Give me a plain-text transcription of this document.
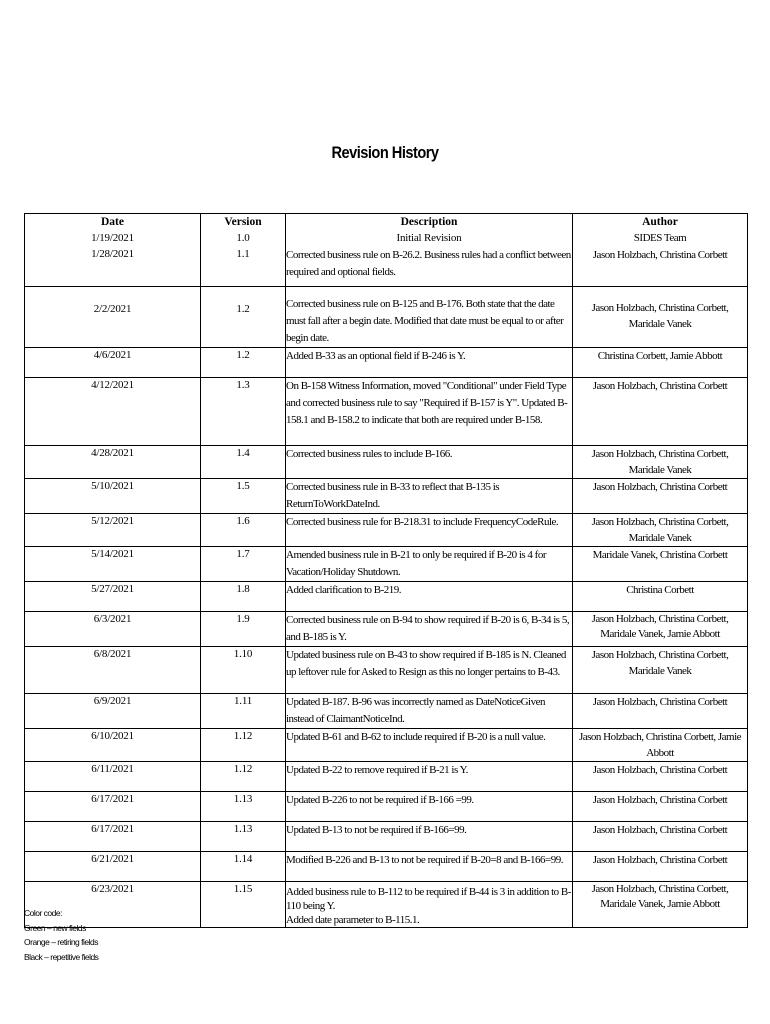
Revision History
Date	Version	Description	Author
1/19/2021	1.0	Initial Revision	SIDES Team
1/28/2021	1.1	Corrected business rule on B-26.2. Business rules had a conflict between required and optional fields.	Jason Holzbach, Christina Corbett
2/2/2021	1.2	Corrected business rule on B-125 and B-176. Both state that the date must fall after a begin date. Modified that date must be equal to or after begin date.	Jason Holzbach, Christina Corbett, Maridale Vanek
4/6/2021	1.2	Added B-33 as an optional field if B-246 is Y.	Christina Corbett, Jamie Abbott
4/12/2021	1.3	On B-158 Witness Information, moved "Conditional" under Field Type and corrected business rule to say "Required if B-157 is Y". Updated B-158.1 and B-158.2 to indicate that both are required under B-158.	Jason Holzbach, Christina Corbett
4/28/2021	1.4	Corrected business rules to include B-166.	Jason Holzbach, Christina Corbett, Maridale Vanek
5/10/2021	1.5	Corrected business rule in B-33 to reflect that B-135 is ReturnToWorkDateInd.	Jason Holzbach, Christina Corbett
5/12/2021	1.6	Corrected business rule for B-218.31 to include FrequencyCodeRule.	Jason Holzbach, Christina Corbett, Maridale Vanek
5/14/2021	1.7	Amended business rule in B-21 to only be required if B-20 is 4 for Vacation/Holiday Shutdown.	Maridale Vanek, Christina Corbett
5/27/2021	1.8	Added clarification to B-219.	Christina Corbett
6/3/2021	1.9	Corrected business rule on B-94 to show required if B-20 is 6, B-34 is 5, and B-185 is Y.	Jason Holzbach, Christina Corbett, Maridale Vanek, Jamie Abbott
6/8/2021	1.10	Updated business rule on B-43 to show required if B-185 is N. Cleaned up leftover rule for Asked to Resign as this no longer pertains to B-43.	Jason Holzbach, Christina Corbett, Maridale Vanek
6/9/2021	1.11	Updated B-187. B-96 was incorrectly named as DateNoticeGiven instead of ClaimantNoticeInd.	Jason Holzbach, Christina Corbett
6/10/2021	1.12	Updated B-61 and B-62 to include required if B-20 is a null value.	Jason Holzbach, Christina Corbett, Jamie Abbott
6/11/2021	1.12	Updated B-22 to remove required if B-21 is Y.	Jason Holzbach, Christina Corbett
6/17/2021	1.13	Updated B-226 to not be required if B-166 =99.	Jason Holzbach, Christina Corbett
6/17/2021	1.13	Updated B-13 to not be required if B-166=99.	Jason Holzbach, Christina Corbett
6/21/2021	1.14	Modified B-226 and B-13 to not be required if B-20=8 and B-166=99.	Jason Holzbach, Christina Corbett
6/23/2021	1.15	Added business rule to B-112 to be required if B-44 is 3 in addition to B-110 being Y.
Added date parameter to B-115.1.	Jason Holzbach, Christina Corbett, Maridale Vanek, Jamie Abbott
Color code:
Green – new fields
Orange – retiring fields
Black – repetitive fields
